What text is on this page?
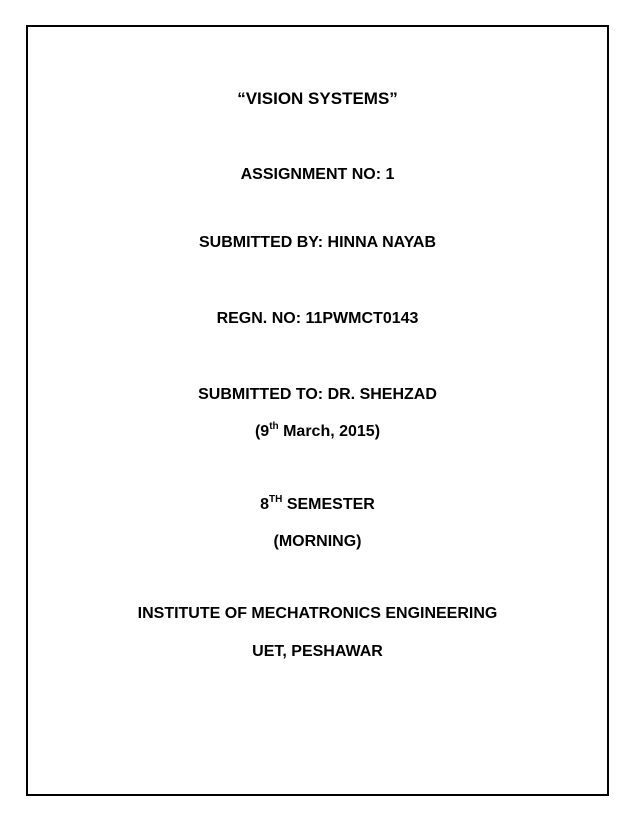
“VISION SYSTEMS”
ASSIGNMENT NO: 1
SUBMITTED BY: HINNA NAYAB
REGN. NO: 11PWMCT0143
SUBMITTED TO: DR. SHEHZAD
(9th March, 2015)
8TH SEMESTER
(MORNING)
INSTITUTE OF MECHATRONICS ENGINEERING
UET, PESHAWAR
